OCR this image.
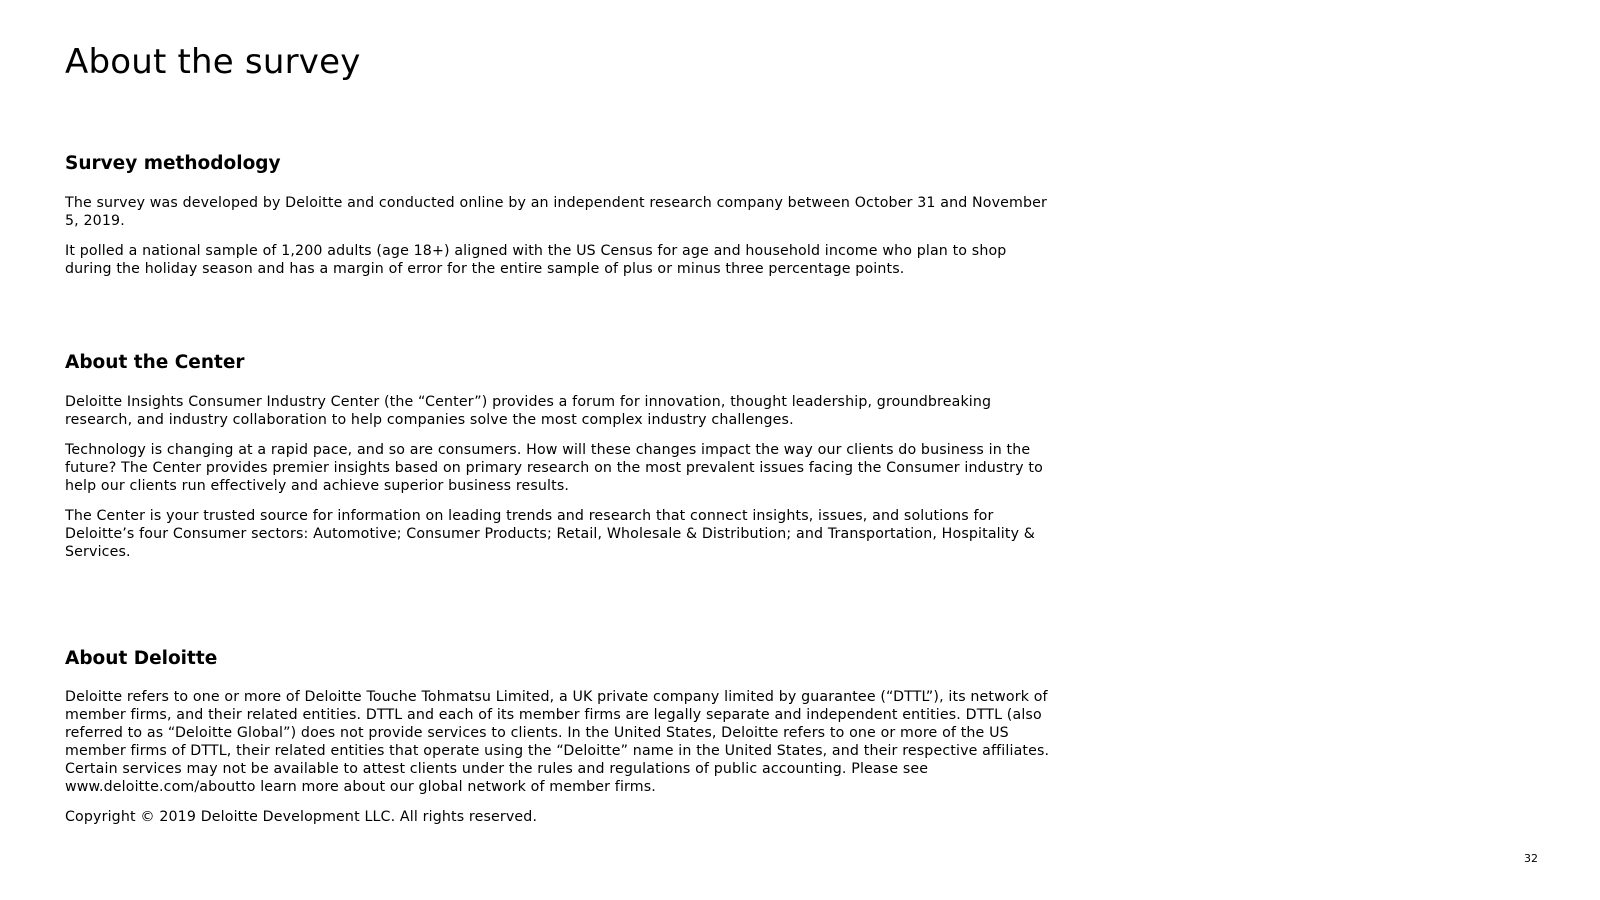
About the survey
Survey methodology

The survey was developed by Deloitte and conducted online by an independent research company between October 31 and November 5, 2019.

It polled a national sample of 1,200 adults (age 18+) aligned with the US Census for age and household income who plan to shop during the holiday season and has a margin of error for the entire sample of plus or minus three percentage points.

About the Center

Deloitte Insights Consumer Industry Center (the “Center”) provides a forum for innovation, thought leadership, groundbreaking research, and industry collaboration to help companies solve the most complex industry challenges.

Technology is changing at a rapid pace, and so are consumers. How will these changes impact the way our clients do business in the future? The Center provides premier insights based on primary research on the most prevalent issues facing the Consumer industry to help our clients run effectively and achieve superior business results.

The Center is your trusted source for information on leading trends and research that connect insights, issues, and solutions for Deloitte’s four Consumer sectors: Automotive; Consumer Products; Retail, Wholesale & Distribution; and Transportation, Hospitality & Services.

About Deloitte

Deloitte refers to one or more of Deloitte Touche Tohmatsu Limited, a UK private company limited by guarantee (“DTTL”), its network of member firms, and their related entities. DTTL and each of its member firms are legally separate and independent entities. DTTL (also referred to as “Deloitte Global”) does not provide services to clients. In the United States, Deloitte refers to one or more of the US member firms of DTTL, their related entities that operate using the “Deloitte” name in the United States, and their respective affiliates. Certain services may not be available to attest clients under the rules and regulations of public accounting. Please see www.deloitte.com/aboutto learn more about our global network of member firms.

Copyright © 2019 Deloitte Development LLC. All rights reserved.

32
